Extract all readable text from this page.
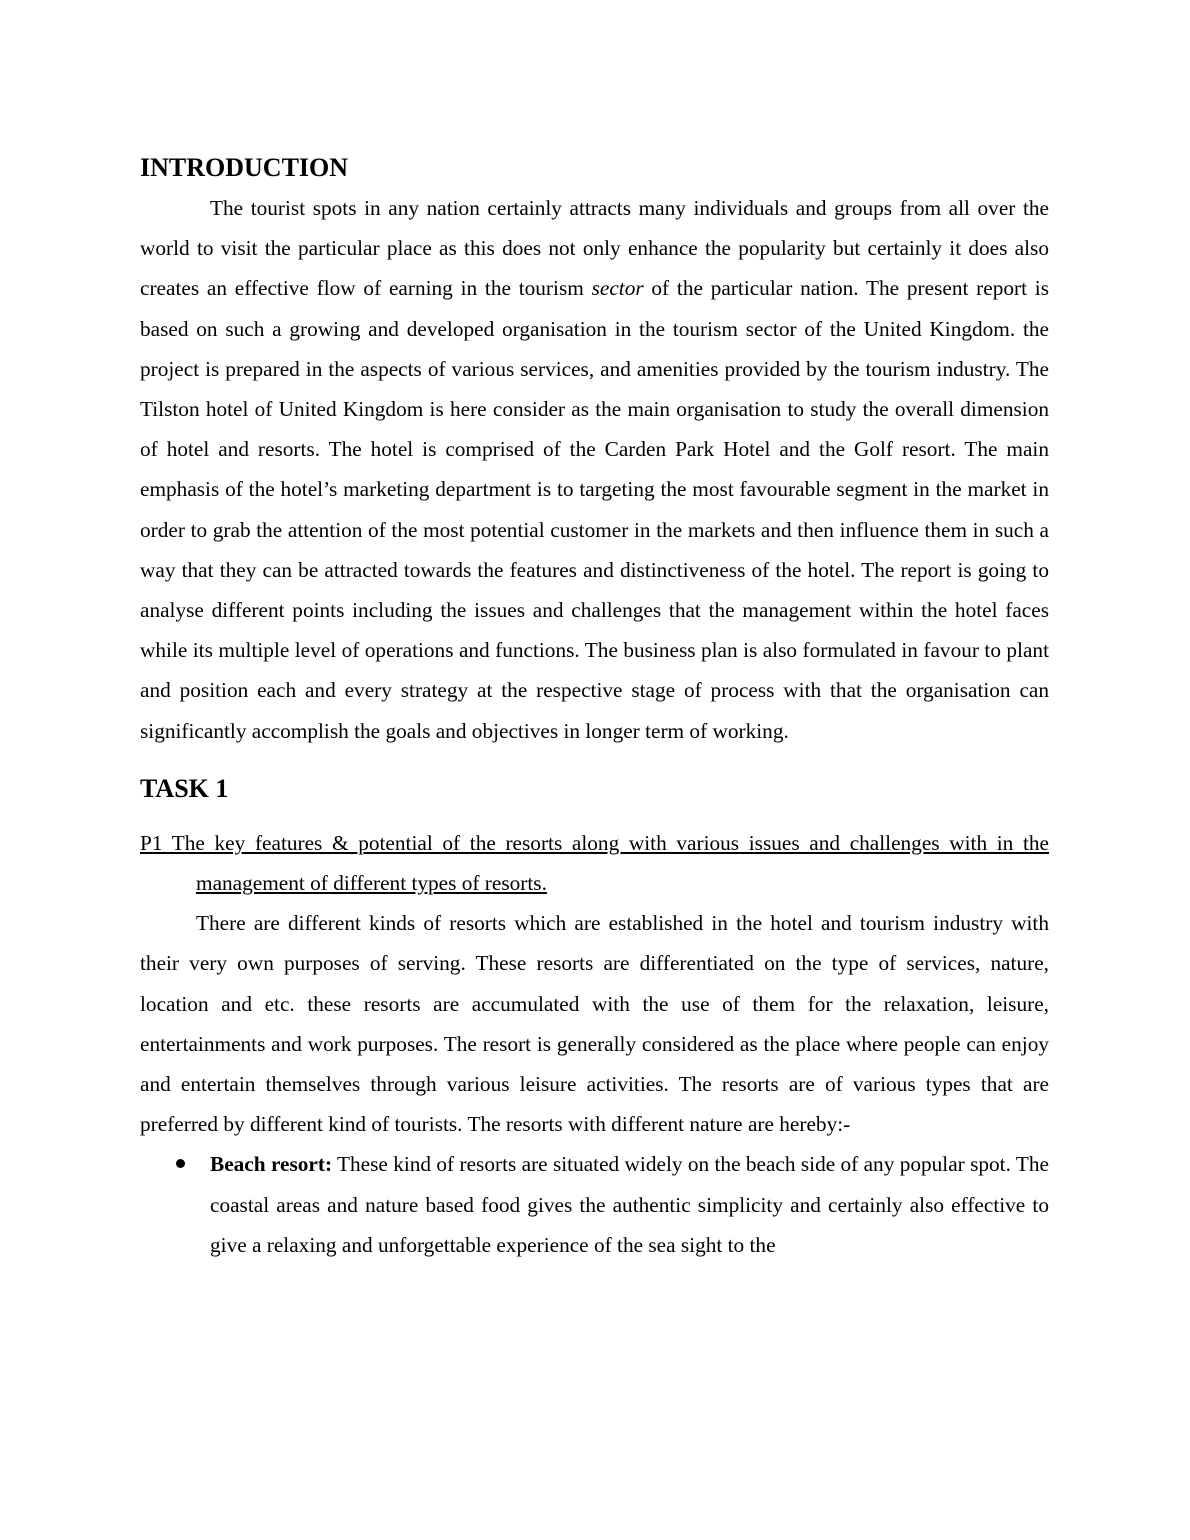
INTRODUCTION

The tourist spots in any nation certainly attracts many individuals and groups from all over the world to visit the particular place as this does not only enhance the popularity but certainly it does also creates an effective flow of earning in the tourism sector of the particular nation. The present report is based on such a growing and developed organisation in the tourism sector of the United Kingdom. the project is prepared in the aspects of various services, and amenities provided by the tourism industry. The Tilston hotel of United Kingdom is here consider as the main organisation to study the overall dimension of hotel and resorts. The hotel is comprised of the Carden Park Hotel and the Golf resort. The main emphasis of the hotel’s marketing department is to targeting the most favourable segment in the market in order to grab the attention of the most potential customer in the markets and then influence them in such a way that they can be attracted towards the features and distinctiveness of the hotel. The report is going to analyse different points including the issues and challenges that the management within the hotel faces while its multiple level of operations and functions. The business plan is also formulated in favour to plant and position each and every strategy at the respective stage of process with that the organisation can significantly accomplish the goals and objectives in longer term of working.

TASK 1

P1 The key features & potential of the resorts along with various issues and challenges with in the management of different types of resorts.

There are different kinds of resorts which are established in the hotel and tourism industry with their very own purposes of serving. These resorts are differentiated on the type of services, nature, location and etc. these resorts are accumulated with the use of them for the relaxation, leisure, entertainments and work purposes. The resort is generally considered as the place where people can enjoy and entertain themselves through various leisure activities. The resorts are of various types that are preferred by different kind of tourists. The resorts with different nature are hereby:-

Beach resort: These kind of resorts are situated widely on the beach side of any popular spot. The coastal areas and nature based food gives the authentic simplicity and certainly also effective to give a relaxing and unforgettable experience of the sea sight to the
